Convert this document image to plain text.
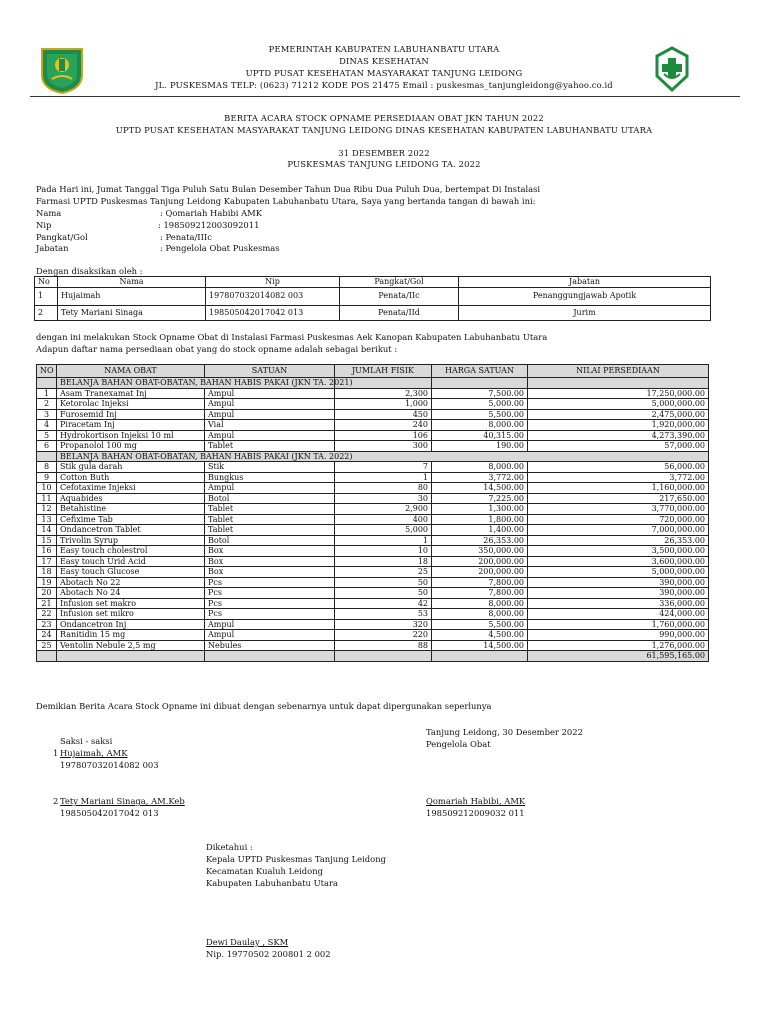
PEMERINTAH KABUPATEN LABUHANBATU UTARA
DINAS KESEHATAN
UPTD PUSAT KESEHATAN MASYARAKAT TANJUNG LEIDONG
JL. PUSKESMAS TELP: (0623) 71212 KODE POS 21475 Email : puskesmas_tanjungleidong@yahoo.co.id
BERITA ACARA STOCK OPNAME PERSEDIAAN OBAT JKN TAHUN 2022
UPTD PUSAT KESEHATAN MASYARAKAT TANJUNG LEIDONG DINAS KESEHATAN KABUPATEN LABUHANBATU UTARA
31 DESEMBER 2022
PUSKESMAS TANJUNG LEIDONG TA. 2022
Pada Hari ini, Jumat Tanggal Tiga Puluh Satu Bulan Desember Tahun Dua Ribu Dua Puluh Dua, bertempat Di Instalasi
Farmasi UPTD Puskesmas Tanjung Leidong Kabupaten Labuhanbatu Utara, Saya yang bertanda tangan di bawah ini:
Nama	: Qomariah Habibi AMK
Nip	: 198509212003092011
Pangkat/Gol	: Penata/IIIc
Jabatan	: Pengelola Obat Puskesmas
Dengan disaksikan oleh :
No	Nama	Nip	Pangkat/Gol	Jabatan
1	Hujaimah	197807032014082 003	Penata/IIc	Penanggungjawab Apotik
2	Tety Mariani Sinaga	198505042017042 013	Penata/IId	Jurim
dengan ini melakukan Stock Opname Obat di Instalasi Farmasi Puskesmas Aek Kanopan Kabupaten Labuhanbatu Utara
Adapun daftar nama persediaan obat yang do stock opname adalah sebagai berikut :
NO	NAMA OBAT	SATUAN	JUMLAH FISIK	HARGA SATUAN	NILAI PERSEDIAAN
	BELANJA BAHAN OBAT-OBATAN, BAHAN HABIS PAKAI (JKN TA. 2021)				
1	Asam Tranexamat Inj	Ampul	2,300	7,500.00	17,250,000.00
2	Ketorolac Injeksi	Ampul	1,000	5,000.00	5,000,000.00
3	Furosemid Inj	Ampul	450	5,500.00	2,475,000.00
4	Piracetam Inj	Vial	240	8,000.00	1,920,000.00
5	Hydrokortison Injeksi 10 ml	Ampul	106	40,315.00	4,273,390.00
6	Propanolol 100 mg	Tablet	300	190.00	57,000.00
	BELANJA BAHAN OBAT-OBATAN, BAHAN HABIS PAKAI (JKN TA. 2022)				
8	Stik gula darah	Stik	7	8,000.00	56,000.00
9	Cotton Buth	Bungkus	1	3,772.00	3,772.00
10	Cefotaxime Injeksi	Ampul	80	14,500.00	1,160,000.00
11	Aquabides	Botol	30	7,225.00	217,650.00
12	Betahistine	Tablet	2,900	1,300.00	3,770,000.00
13	Cefixime Tab	Tablet	400	1,800.00	720,000.00
14	Ondancetron Tablet	Tablet	5,000	1,400.00	7,000,000.00
15	Trivolin Syrup	Botol	1	26,353.00	26,353.00
16	Easy touch cholestrol	Box	10	350,000.00	3,500,000.00
17	Easy touch Urid Acid	Box	18	200,000.00	3,600,000.00
18	Easy touch Glucose	Box	25	200,000.00	5,000,000.00
19	Abotach No 22	Pcs	50	7,800.00	390,000.00
20	Abotach No 24	Pcs	50	7,800.00	390,000.00
21	Infusion set makro	Pcs	42	8,000.00	336,000.00
22	Infusion set mikro	Pcs	53	8,000.00	424,000.00
23	Ondancetron Inj	Ampul	320	5,500.00	1,760,000.00
24	Ranitidin 15 mg	Ampul	220	4,500.00	990,000.00
25	Ventolin Nebule 2,5 mg	Nebules	88	14,500.00	1,276,000.00
					61,595,165.00
Demikian Berita Acara Stock Opname ini dibuat dengan sebenarnya untuk dapat dipergunakan seperlunya
Tanjung Leidong, 30 Desember 2022
Pengelola Obat
Saksi - saksi
1 Hujaimah, AMK
197807032014082 003
2 Tety Mariani Sinaga, AM.Keb
198505042017042 013
Qomariah Habibi, AMK
198509212009032 011
Diketahui :
Kepala UPTD Puskesmas Tanjung Leidong
Kecamatan Kualuh Leidong
Kabupaten Labuhanbatu Utara
Dewi Daulay , SKM
Nip. 19770502 200801 2 002
